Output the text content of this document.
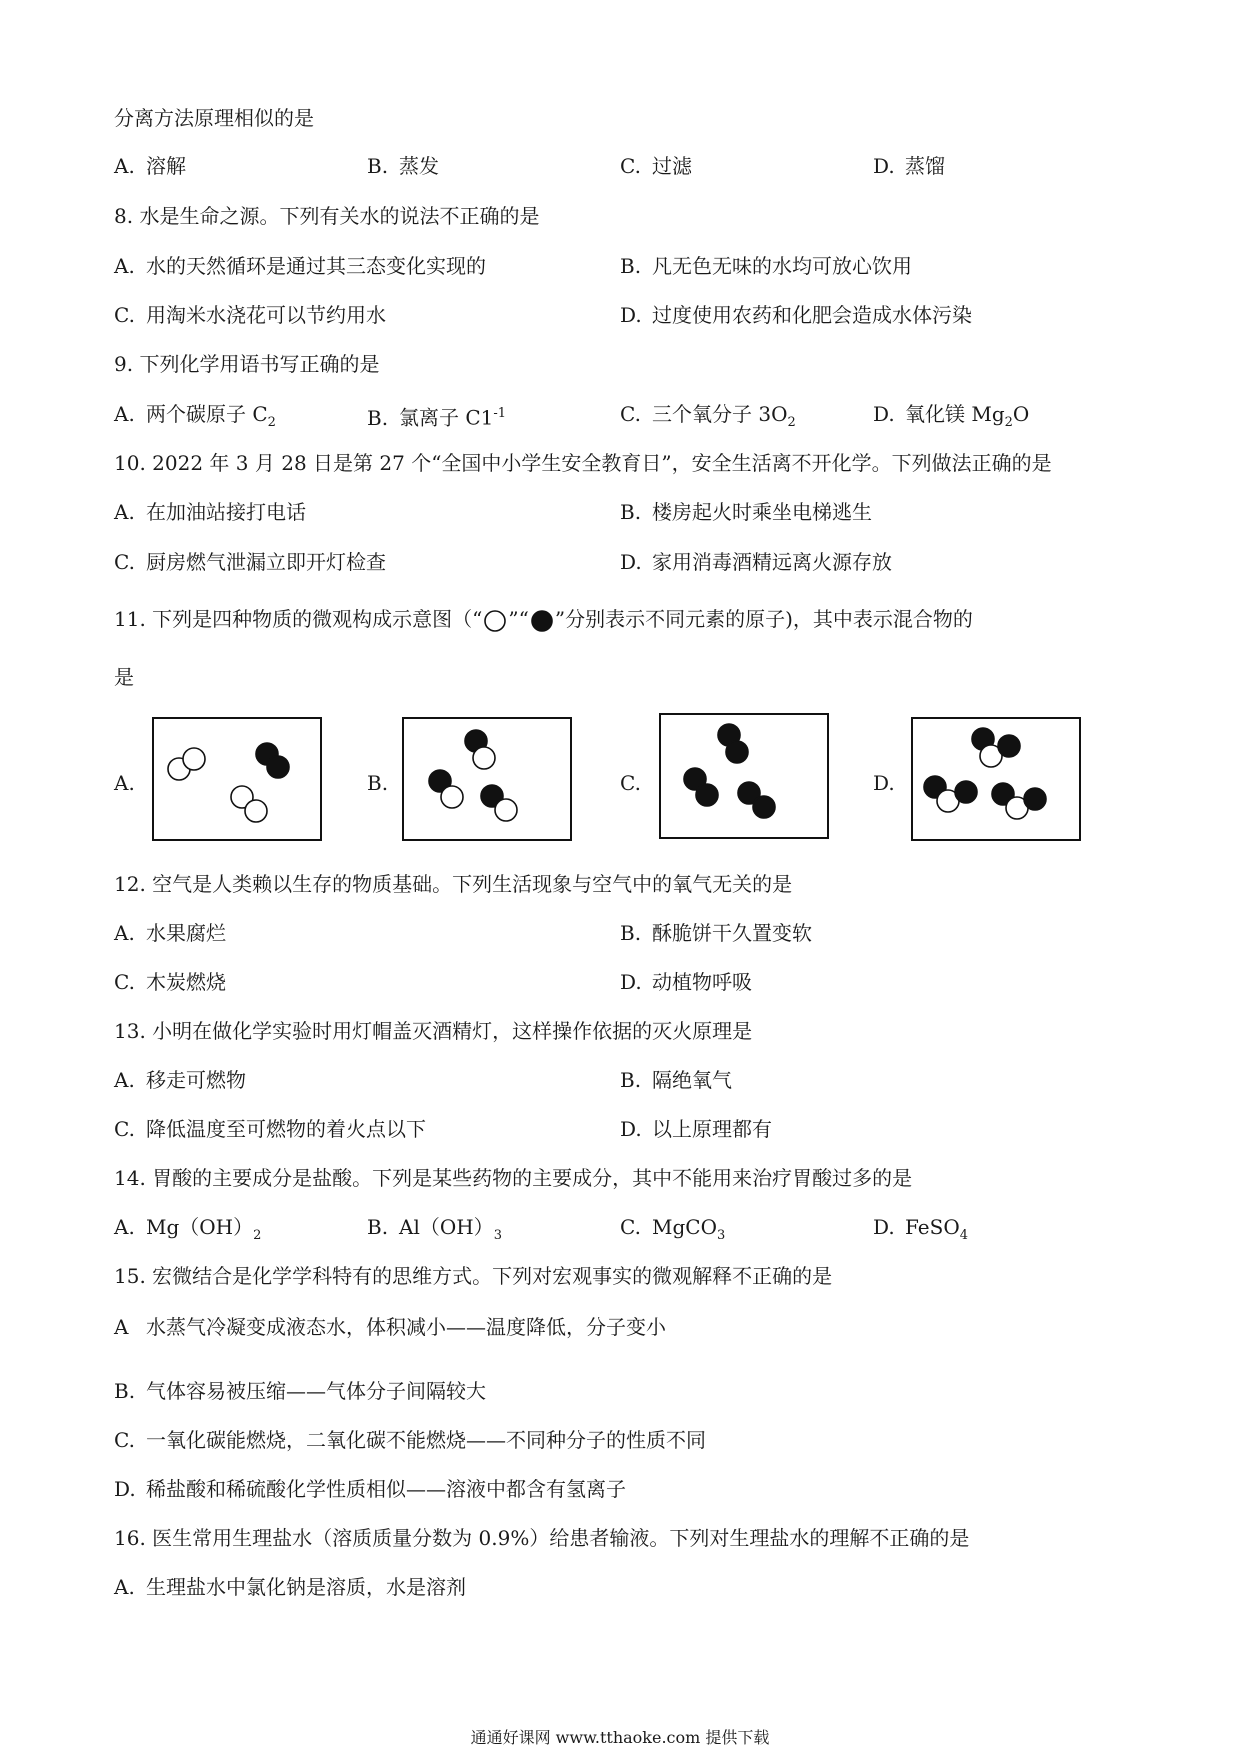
分离方法原理相似的是
A. 溶解	B. 蒸发	C. 过滤	D. 蒸馏
8. 水是生命之源。下列有关水的说法不正确的是
A. 水的天然循环是通过其三态变化实现的	B. 凡无色无味的水均可放心饮用
C. 用淘米水浇花可以节约用水	D. 过度使用农药和化肥会造成水体污染
9. 下列化学用语书写正确的是
A. 两个碳原子 $C_2$	B. 氯离子 $C1^{-1}$	C. 三个氧分子 $3O_2$	D. 氧化镁 $Mg_2O$
10. 2022 年 3 月 28 日是第 27 个“全国中小学生安全教育日”，安全生活离不开化学。下列做法正确的是
A. 在加油站接打电话	B. 楼房起火时乘坐电梯逃生
C. 厨房燃气泄漏立即开灯检查	D. 家用消毒酒精远离火源存放
11. 下列是四种物质的微观构成示意图（“ ”“ ”分别表示不同元素的原子)，其中表示混合物的
是
A.	B.	C.	D.
12. 空气是人类赖以生存的物质基础。下列生活现象与空气中的氧气无关的是
A. 水果腐烂	B. 酥脆饼干久置变软
C. 木炭燃烧	D. 动植物呼吸
13. 小明在做化学实验时用灯帽盖灭酒精灯，这样操作依据的灭火原理是
A. 移走可燃物	B. 隔绝氧气
C. 降低温度至可燃物的着火点以下	D. 以上原理都有
14. 胃酸的主要成分是盐酸。下列是某些药物的主要成分，其中不能用来治疗胃酸过多的是
A. $Mg(OH)_2$	B. $Al(OH)_3$	C. MgCO$_3$	D. FeSO$_4$
15. 宏微结合是化学学科特有的思维方式。下列对宏观事实的微观解释不正确的是
A 水蒸气冷凝变成液态水，体积减小——温度降低，分子变小
B. 气体容易被压缩——气体分子间隔较大
C. 一氧化碳能燃烧，二氧化碳不能燃烧——不同种分子的性质不同
D. 稀盐酸和稀硫酸化学性质相似——溶液中都含有氢离子
16. 医生常用生理盐水（溶质质量分数为 0.9%）给患者输液。下列对生理盐水的理解不正确的是
A. 生理盐水中氯化钠是溶质，水是溶剂
通通好课网 www.tthaoke.com 提供下载
